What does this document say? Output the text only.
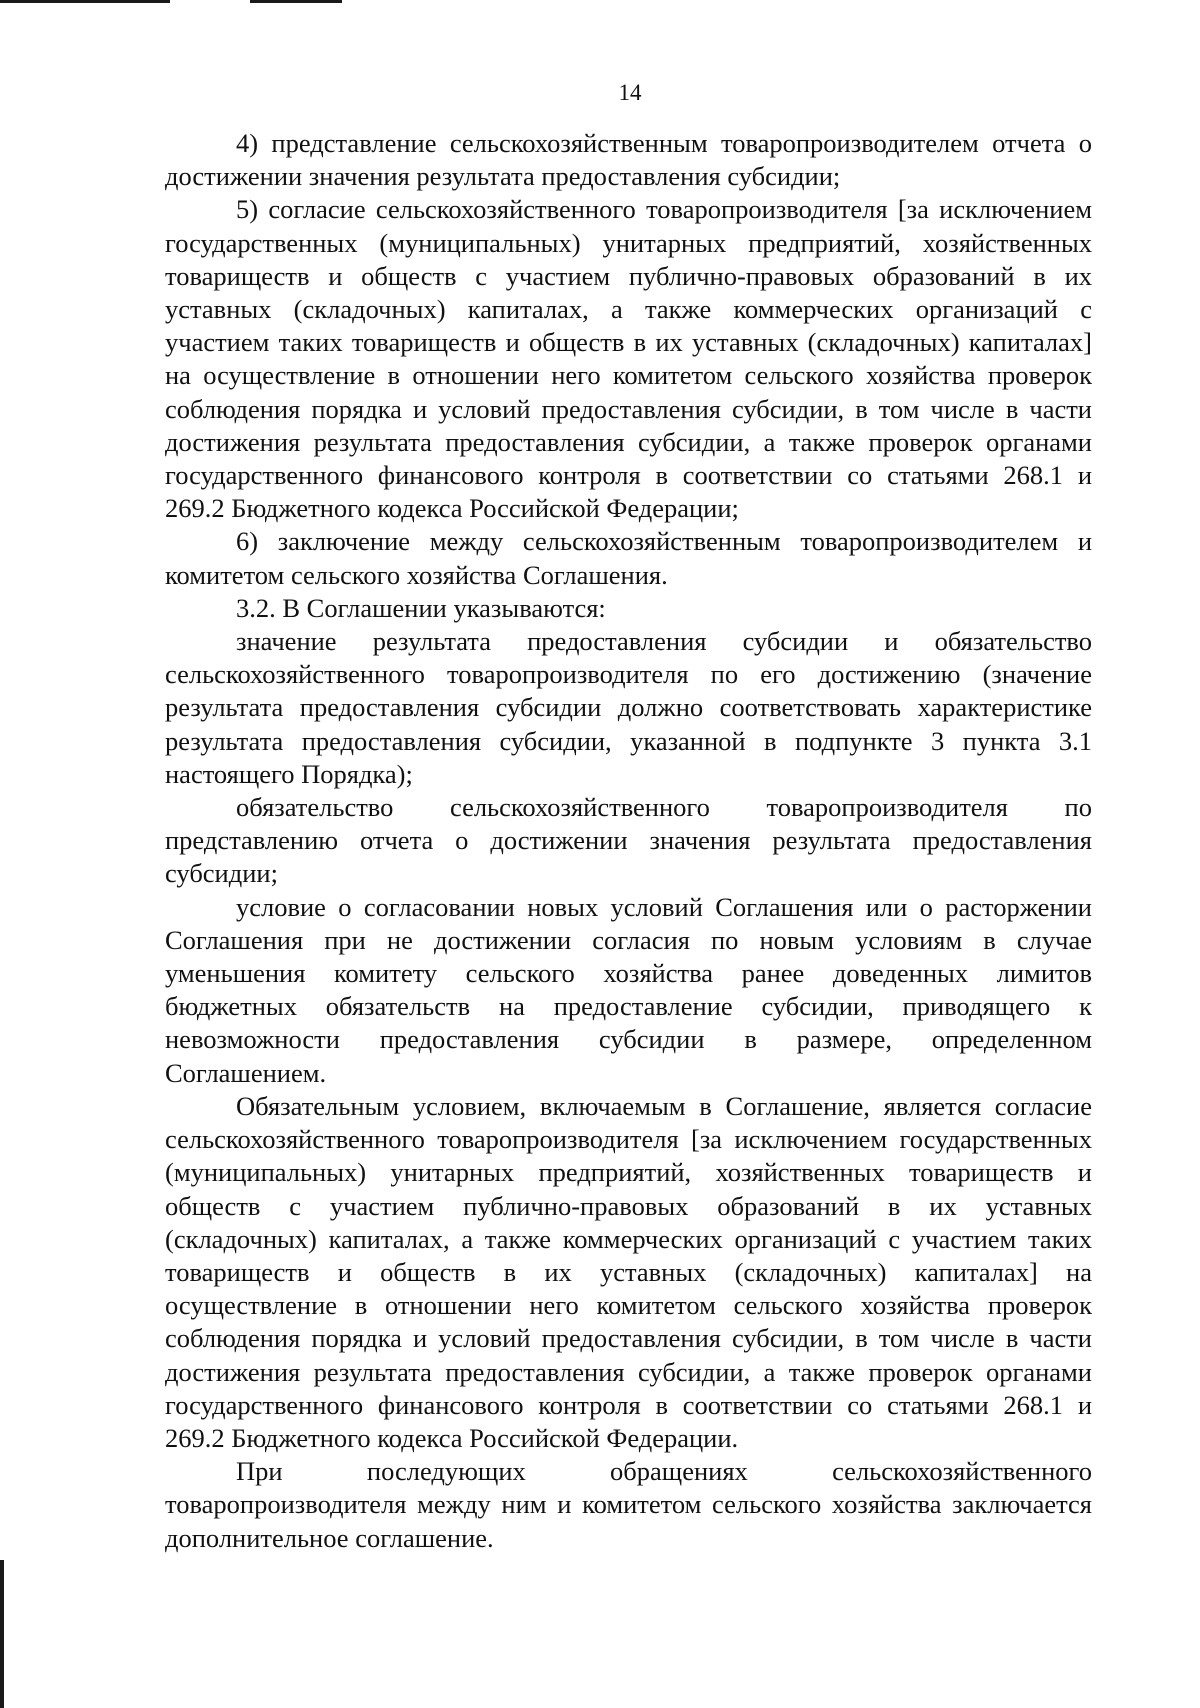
14

4) представление сельскохозяйственным товаропроизводителем отчета о достижении значения результата предоставления субсидии;

5) согласие сельскохозяйственного товаропроизводителя [за исключением государственных (муниципальных) унитарных предприятий, хозяйственных товариществ и обществ с участием публично-правовых образований в их уставных (складочных) капиталах, а также коммерческих организаций с участием таких товариществ и обществ в их уставных (складочных) капиталах] на осуществление в отношении него комитетом сельского хозяйства проверок соблюдения порядка и условий предоставления субсидии, в том числе в части достижения результата предоставления субсидии, а также проверок органами государственного финансового контроля в соответствии со статьями 268.1 и 269.2 Бюджетного кодекса Российской Федерации;

6) заключение между сельскохозяйственным товаропроизводителем и комитетом сельского хозяйства Соглашения.

3.2. В Соглашении указываются:

значение результата предоставления субсидии и обязательство сельскохозяйственного товаропроизводителя по его достижению (значение результата предоставления субсидии должно соответствовать характеристике результата предоставления субсидии, указанной в подпункте 3 пункта 3.1 настоящего Порядка);

обязательство сельскохозяйственного товаропроизводителя по представлению отчета о достижении значения результата предоставления субсидии;

условие о согласовании новых условий Соглашения или о расторжении Соглашения при не достижении согласия по новым условиям в случае уменьшения комитету сельского хозяйства ранее доведенных лимитов бюджетных обязательств на предоставление субсидии, приводящего к невозможности предоставления субсидии в размере, определенном Соглашением.

Обязательным условием, включаемым в Соглашение, является согласие сельскохозяйственного товаропроизводителя [за исключением государственных (муниципальных) унитарных предприятий, хозяйственных товариществ и обществ с участием публично-правовых образований в их уставных (складочных) капиталах, а также коммерческих организаций с участием таких товариществ и обществ в их уставных (складочных) капиталах] на осуществление в отношении него комитетом сельского хозяйства проверок соблюдения порядка и условий предоставления субсидии, в том числе в части достижения результата предоставления субсидии, а также проверок органами государственного финансового контроля в соответствии со статьями 268.1 и 269.2 Бюджетного кодекса Российской Федерации.

При последующих обращениях сельскохозяйственного товаропроизводителя между ним и комитетом сельского хозяйства заключается дополнительное соглашение.
